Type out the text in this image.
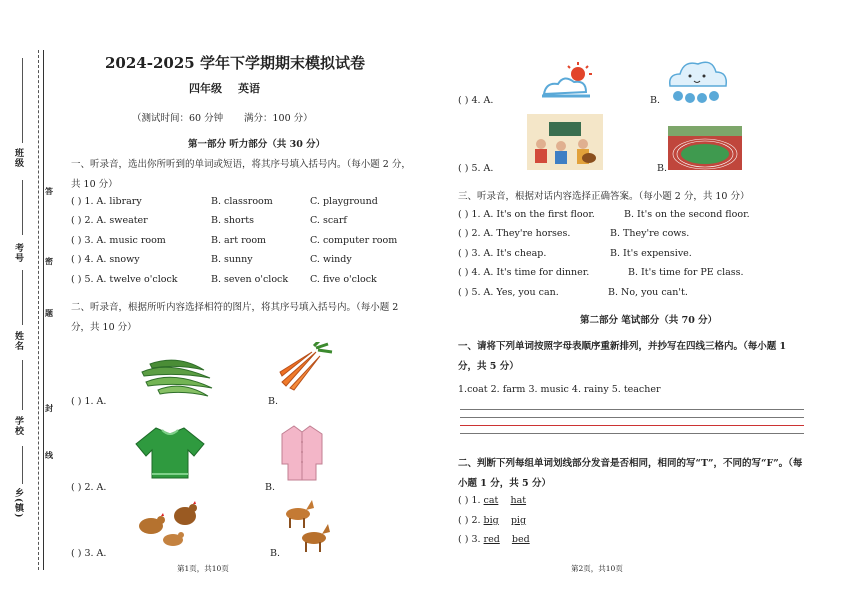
班级
考号
姓名
学校
乡(镇)
答
密
题
封
线
2024-2025 学年下学期期末模拟试卷
四年级 英语
（测试时间：60 分钟 满分：100 分）
第一部分 听力部分（共 30 分）
一、听录音，选出你所听到的单词或短语，将其序号填入括号内。（每小题 2 分，
共 10 分）
( ) 1. A. library	B. classroom	C. playground
( ) 2. A. sweater	B. shorts	C. scarf
( ) 3. A. music room	B. art room	C. computer room
( ) 4. A. snowy	B. sunny	C. windy
( ) 5. A. twelve o'clock	B. seven o'clock C. five o'clock
二、听录音，根据所听内容选择相符的图片，将其序号填入括号内。（每小题 2
分，共 10 分）
( ) 1. A.	B.
( ) 2. A.	B.
( ) 3. A.	B.
第1页，共10页
( ) 4. A.	B.
( ) 5. A.	B.
三、听录音，根据对话内容选择正确答案。（每小题 2 分，共 10 分）
( ) 1. A. It's on the first floor.	B. It's on the second floor.
( ) 2. A. They're horses.	B. They're cows.
( ) 3. A. It's cheap.	B. It's expensive.
( ) 4. A. It's time for dinner.	B. It's time for PE class.
( ) 5. A. Yes, you can.	B. No, you can't.
第二部分 笔试部分（共 70 分）
一、请将下列单词按照字母表顺序重新排列，并抄写在四线三格内。（每小题 1
分，共 5 分）
1.coat 2. farm 3. music 4. rainy 5. teacher
二、判断下列每组单词划线部分发音是否相同，相同的写“T”，不同的写“F”。（每
小题 1 分，共 5 分）
( ) 1. cat hat
( ) 2. big pig
( ) 3. red bed
第2页，共10页
